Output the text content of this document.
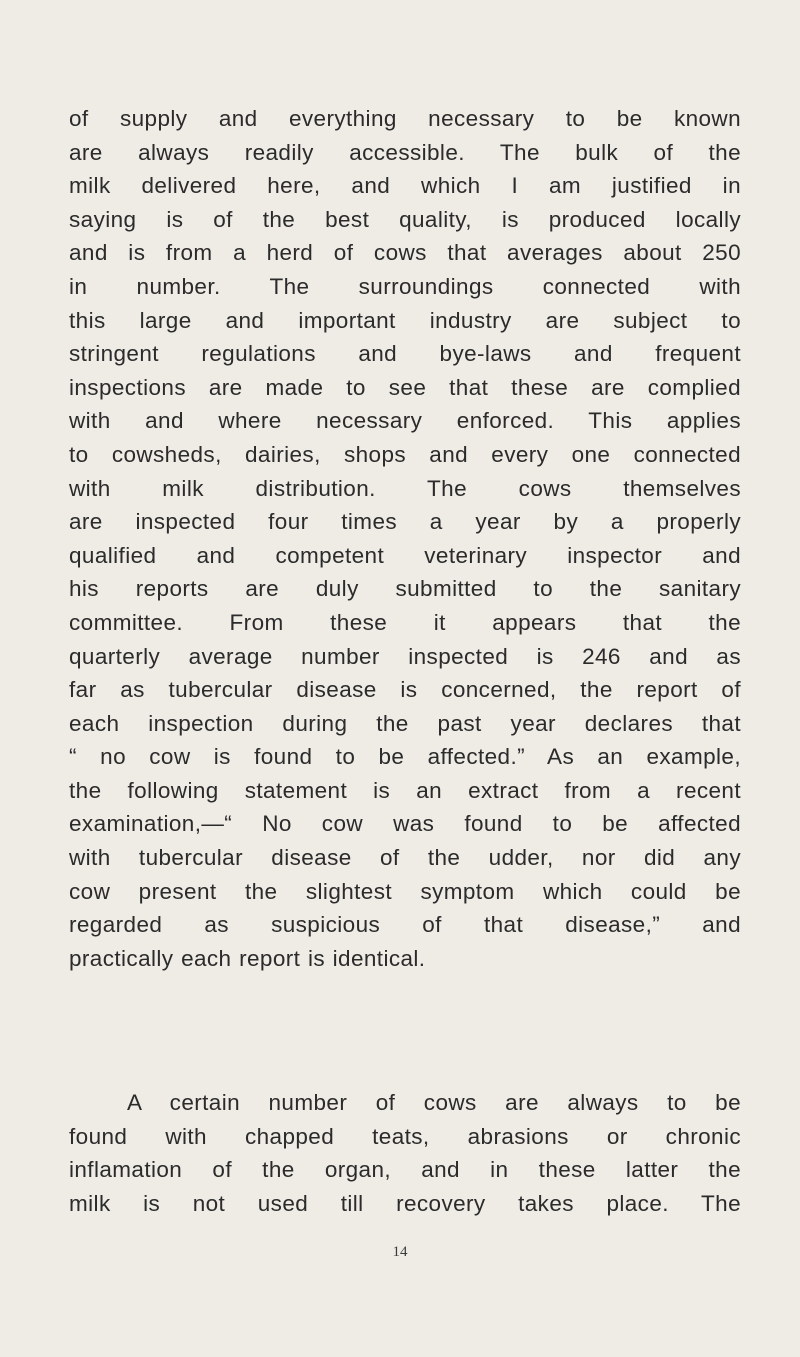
of supply and everything necessary to be known
are always readily accessible. The bulk of the
milk delivered here, and which I am justified in
saying is of the best quality, is produced locally
and is from a herd of cows that averages about 250
in number. The surroundings connected with
this large and important industry are subject to
stringent regulations and bye-laws and frequent
inspections are made to see that these are complied
with and where necessary enforced. This applies
to cowsheds, dairies, shops and every one connected
with milk distribution. The cows themselves
are inspected four times a year by a properly
qualified and competent veterinary inspector and
his reports are duly submitted to the sanitary
committee. From these it appears that the
quarterly average number inspected is 246 and as
far as tubercular disease is concerned, the report of
each inspection during the past year declares that
“ no cow is found to be affected.” As an example,
the following statement is an extract from a recent
examination,—“ No cow was found to be affected
with tubercular disease of the udder, nor did any
cow present the slightest symptom which could be
regarded as suspicious of that disease,” and
practically each report is identical.
A certain number of cows are always to be
found with chapped teats, abrasions or chronic
inflamation of the organ, and in these latter the
milk is not used till recovery takes place. The
14
